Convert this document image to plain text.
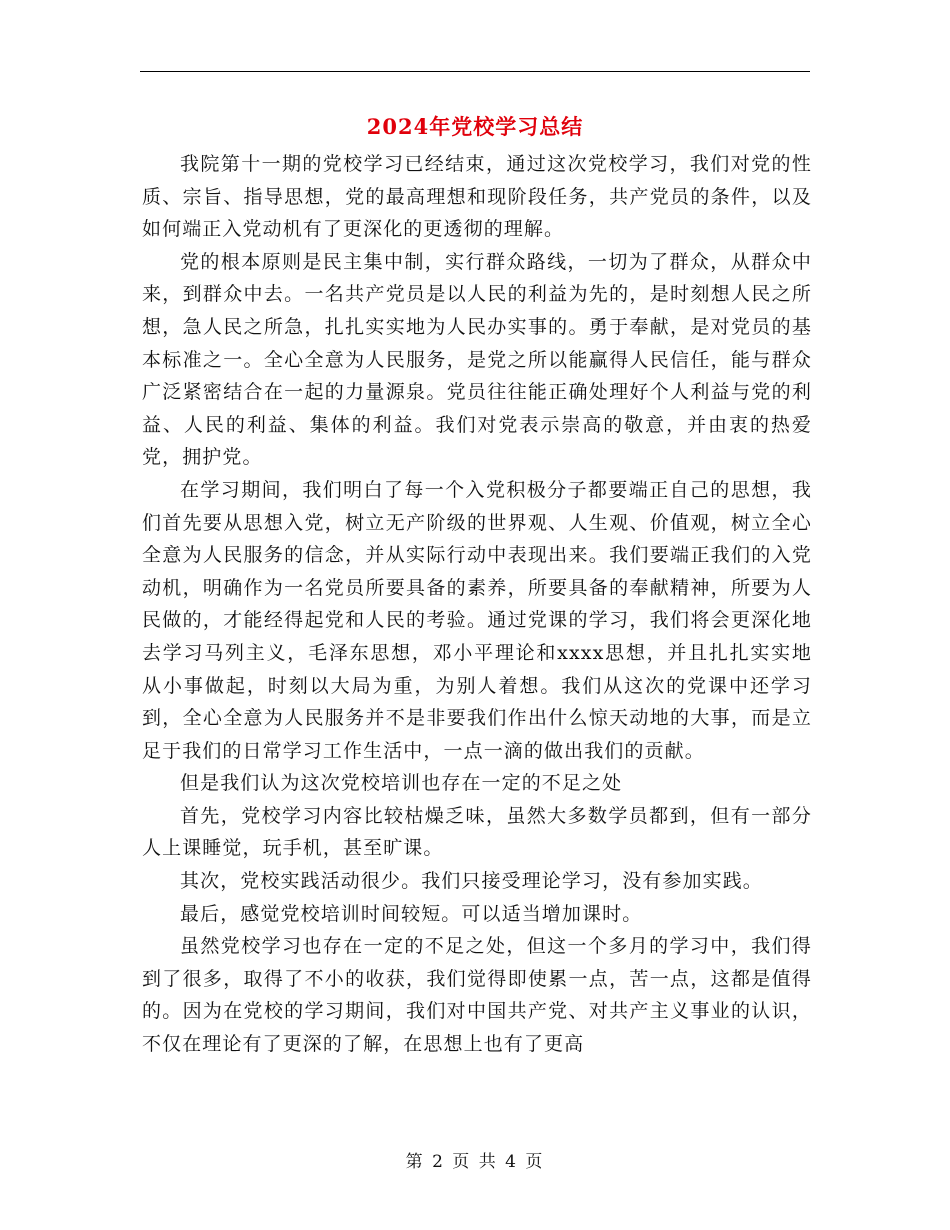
2024年党校学习总结

我院第十一期的党校学习已经结束，通过这次党校学习，我们对党的性质、宗旨、指导思想，党的最高理想和现阶段任务，共产党员的条件，以及如何端正入党动机有了更深化的更透彻的理解。

党的根本原则是民主集中制，实行群众路线，一切为了群众，从群众中来，到群众中去。一名共产党员是以人民的利益为先的，是时刻想人民之所想，急人民之所急，扎扎实实地为人民办实事的。勇于奉献，是对党员的基本标准之一。全心全意为人民服务，是党之所以能赢得人民信任，能与群众广泛紧密结合在一起的力量源泉。党员往往能正确处理好个人利益与党的利益、人民的利益、集体的利益。我们对党表示崇高的敬意，并由衷的热爱党，拥护党。

在学习期间，我们明白了每一个入党积极分子都要端正自己的思想，我们首先要从思想入党，树立无产阶级的世界观、人生观、价值观，树立全心全意为人民服务的信念，并从实际行动中表现出来。我们要端正我们的入党动机，明确作为一名党员所要具备的素养，所要具备的奉献精神，所要为人民做的，才能经得起党和人民的考验。通过党课的学习，我们将会更深化地去学习马列主义，毛泽东思想，邓小平理论和xxxx思想，并且扎扎实实地从小事做起，时刻以大局为重，为别人着想。我们从这次的党课中还学习到，全心全意为人民服务并不是非要我们作出什么惊天动地的大事，而是立足于我们的日常学习工作生活中，一点一滴的做出我们的贡献。

但是我们认为这次党校培训也存在一定的不足之处

首先，党校学习内容比较枯燥乏味，虽然大多数学员都到，但有一部分人上课睡觉，玩手机，甚至旷课。

其次，党校实践活动很少。我们只接受理论学习，没有参加实践。

最后，感觉党校培训时间较短。可以适当增加课时。

虽然党校学习也存在一定的不足之处，但这一个多月的学习中，我们得到了很多，取得了不小的收获，我们觉得即使累一点，苦一点，这都是值得的。因为在党校的学习期间，我们对中国共产党、对共产主义事业的认识，不仅在理论有了更深的了解，在思想上也有了更高

第 2 页 共 4 页
